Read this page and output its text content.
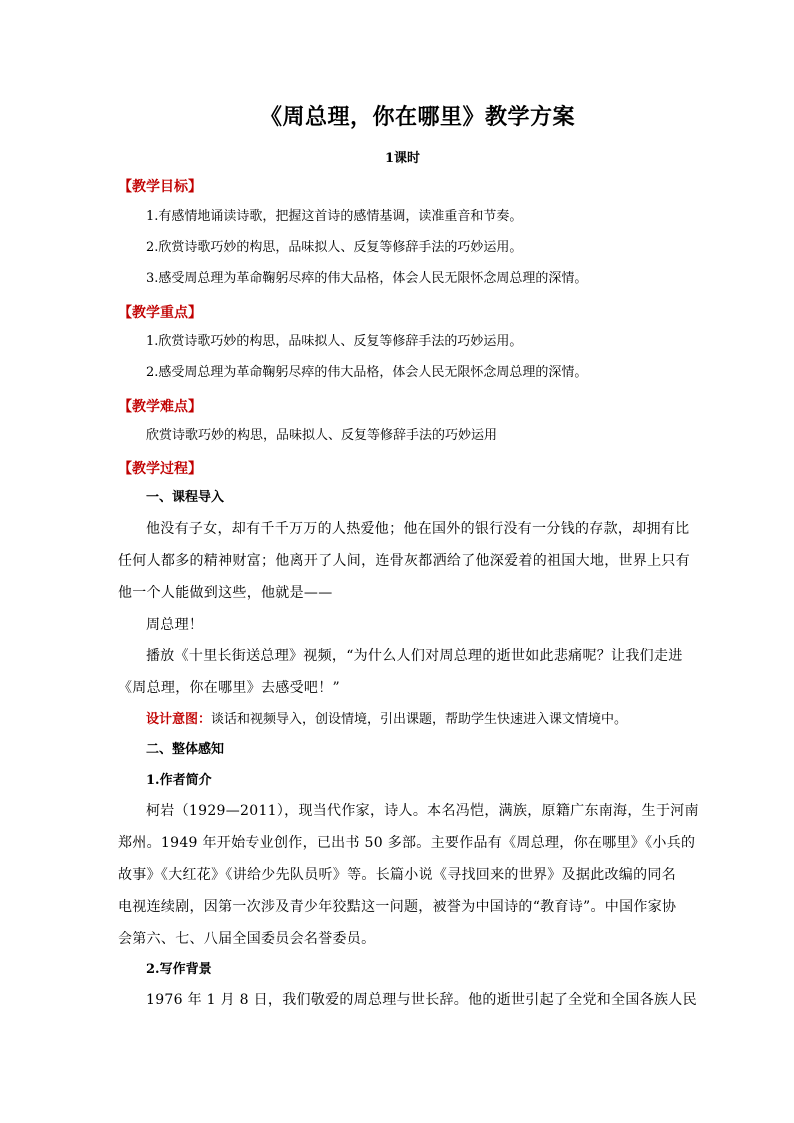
《周总理，你在哪里》教学方案
1课时
【教学目标】
1.有感情地诵读诗歌，把握这首诗的感情基调，读准重音和节奏。
2.欣赏诗歌巧妙的构思，品味拟人、反复等修辞手法的巧妙运用。
3.感受周总理为革命鞠躬尽瘁的伟大品格，体会人民无限怀念周总理的深情。
【教学重点】
1.欣赏诗歌巧妙的构思，品味拟人、反复等修辞手法的巧妙运用。
2.感受周总理为革命鞠躬尽瘁的伟大品格，体会人民无限怀念周总理的深情。
【教学难点】
欣赏诗歌巧妙的构思，品味拟人、反复等修辞手法的巧妙运用
【教学过程】
一、课程导入
他没有子女，却有千千万万的人热爱他；他在国外的银行没有一分钱的存款，却拥有比
任何人都多的精神财富；他离开了人间，连骨灰都洒给了他深爱着的祖国大地，世界上只有
他一个人能做到这些，他就是——
周总理！
播放《十里长街送总理》视频，“为什么人们对周总理的逝世如此悲痛呢？让我们走进
《周总理，你在哪里》去感受吧！”
设计意图：谈话和视频导入，创设情境，引出课题，帮助学生快速进入课文情境中。
二、整体感知
1.作者简介
柯岩（1929—2011），现当代作家，诗人。本名冯恺，满族，原籍广东南海，生于河南
郑州。1949 年开始专业创作，已出书 50 多部。主要作品有《周总理，你在哪里》《小兵的
故事》《大红花》《讲给少先队员听》等。长篇小说《寻找回来的世界》及据此改编的同名
电视连续剧，因第一次涉及青少年狡黠这一问题，被誉为中国诗的“教育诗”。中国作家协
会第六、七、八届全国委员会名誉委员。
2.写作背景
1976 年 1 月 8 日，我们敬爱的周总理与世长辞。他的逝世引起了全党和全国各族人民
